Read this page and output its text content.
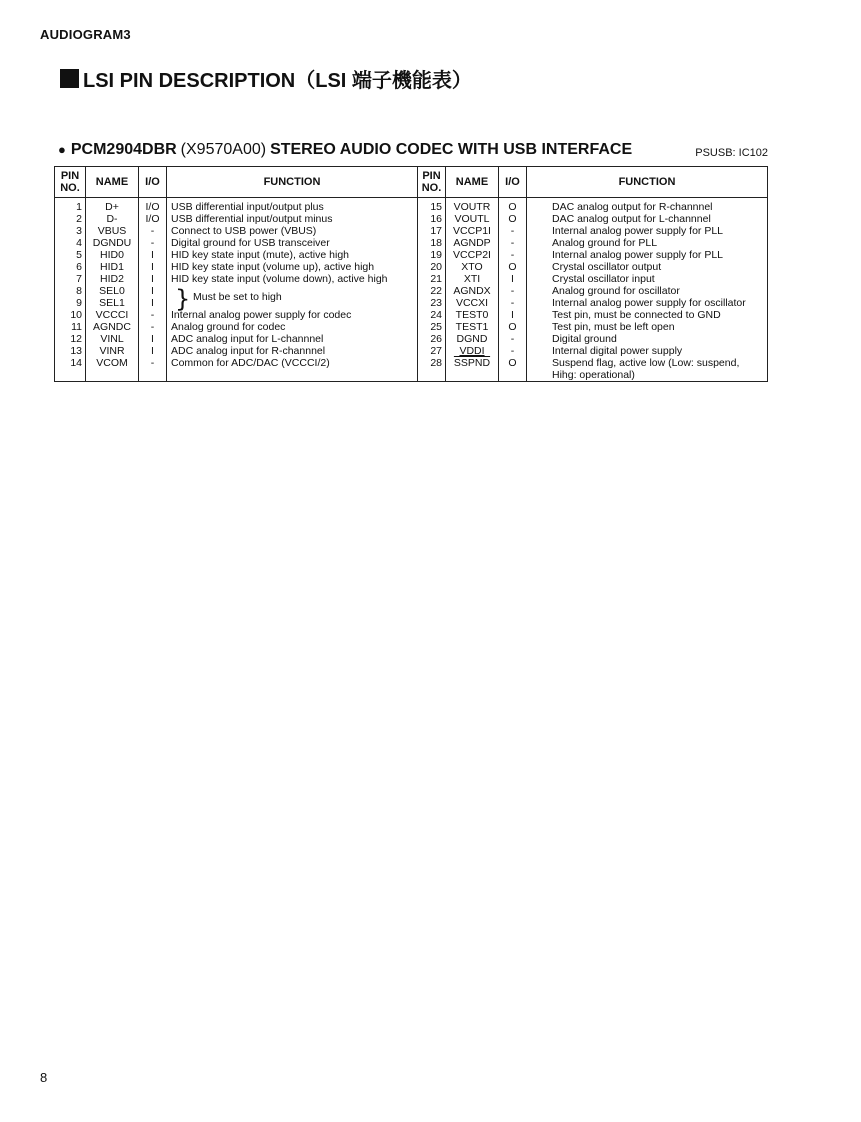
AUDIOGRAM3
LSI PIN DESCRIPTION（LSI 端子機能表）
● PCM2904DBR (X9570A00) STEREO AUDIO CODEC WITH USB INTERFACE	PSUSB: IC102
PIN NO.	NAME	I/O	FUNCTION	PIN NO.	NAME	I/O	FUNCTION
1	D+	I/O	USB differential input/output plus	15	VOUTR	O	DAC analog output for R-channnel
2	D-	I/O	USB differential input/output minus	16	VOUTL	O	DAC analog output for L-channnel
3	VBUS	-	Connect to USB power (VBUS)	17	VCCP1I	-	Internal analog power supply for PLL
4	DGNDU	-	Digital ground for USB transceiver	18	AGNDP	-	Analog ground for PLL
5	HID0	I	HID key state input (mute), active high	19	VCCP2I	-	Internal analog power supply for PLL
6	HID1	I	HID key state input (volume up), active high	20	XTO	O	Crystal oscillator output
7	HID2	I	HID key state input (volume down), active high	21	XTI	I	Crystal oscillator input
8	SEL0	I		22	AGNDX	-	Analog ground for oscillator
9	SEL1	I	} Must be set to high	23	VCCXI	-	Internal analog power supply for oscillator
10	VCCCI	-	Internal analog power supply for codec	24	TEST0	I	Test pin, must be connected to GND
11	AGNDC	-	Analog ground for codec	25	TEST1	O	Test pin, must be left open
12	VINL	I	ADC analog input for L-channnel	26	DGND	-	Digital ground
13	VINR	I	ADC analog input for R-channnel	27	VDDI	-	Internal digital power supply
14	VCOM	-	Common for ADC/DAC (VCCCI/2)	28	SSPND	O	Suspend flag, active low (Low: suspend,
							Hihg: operational)
8
